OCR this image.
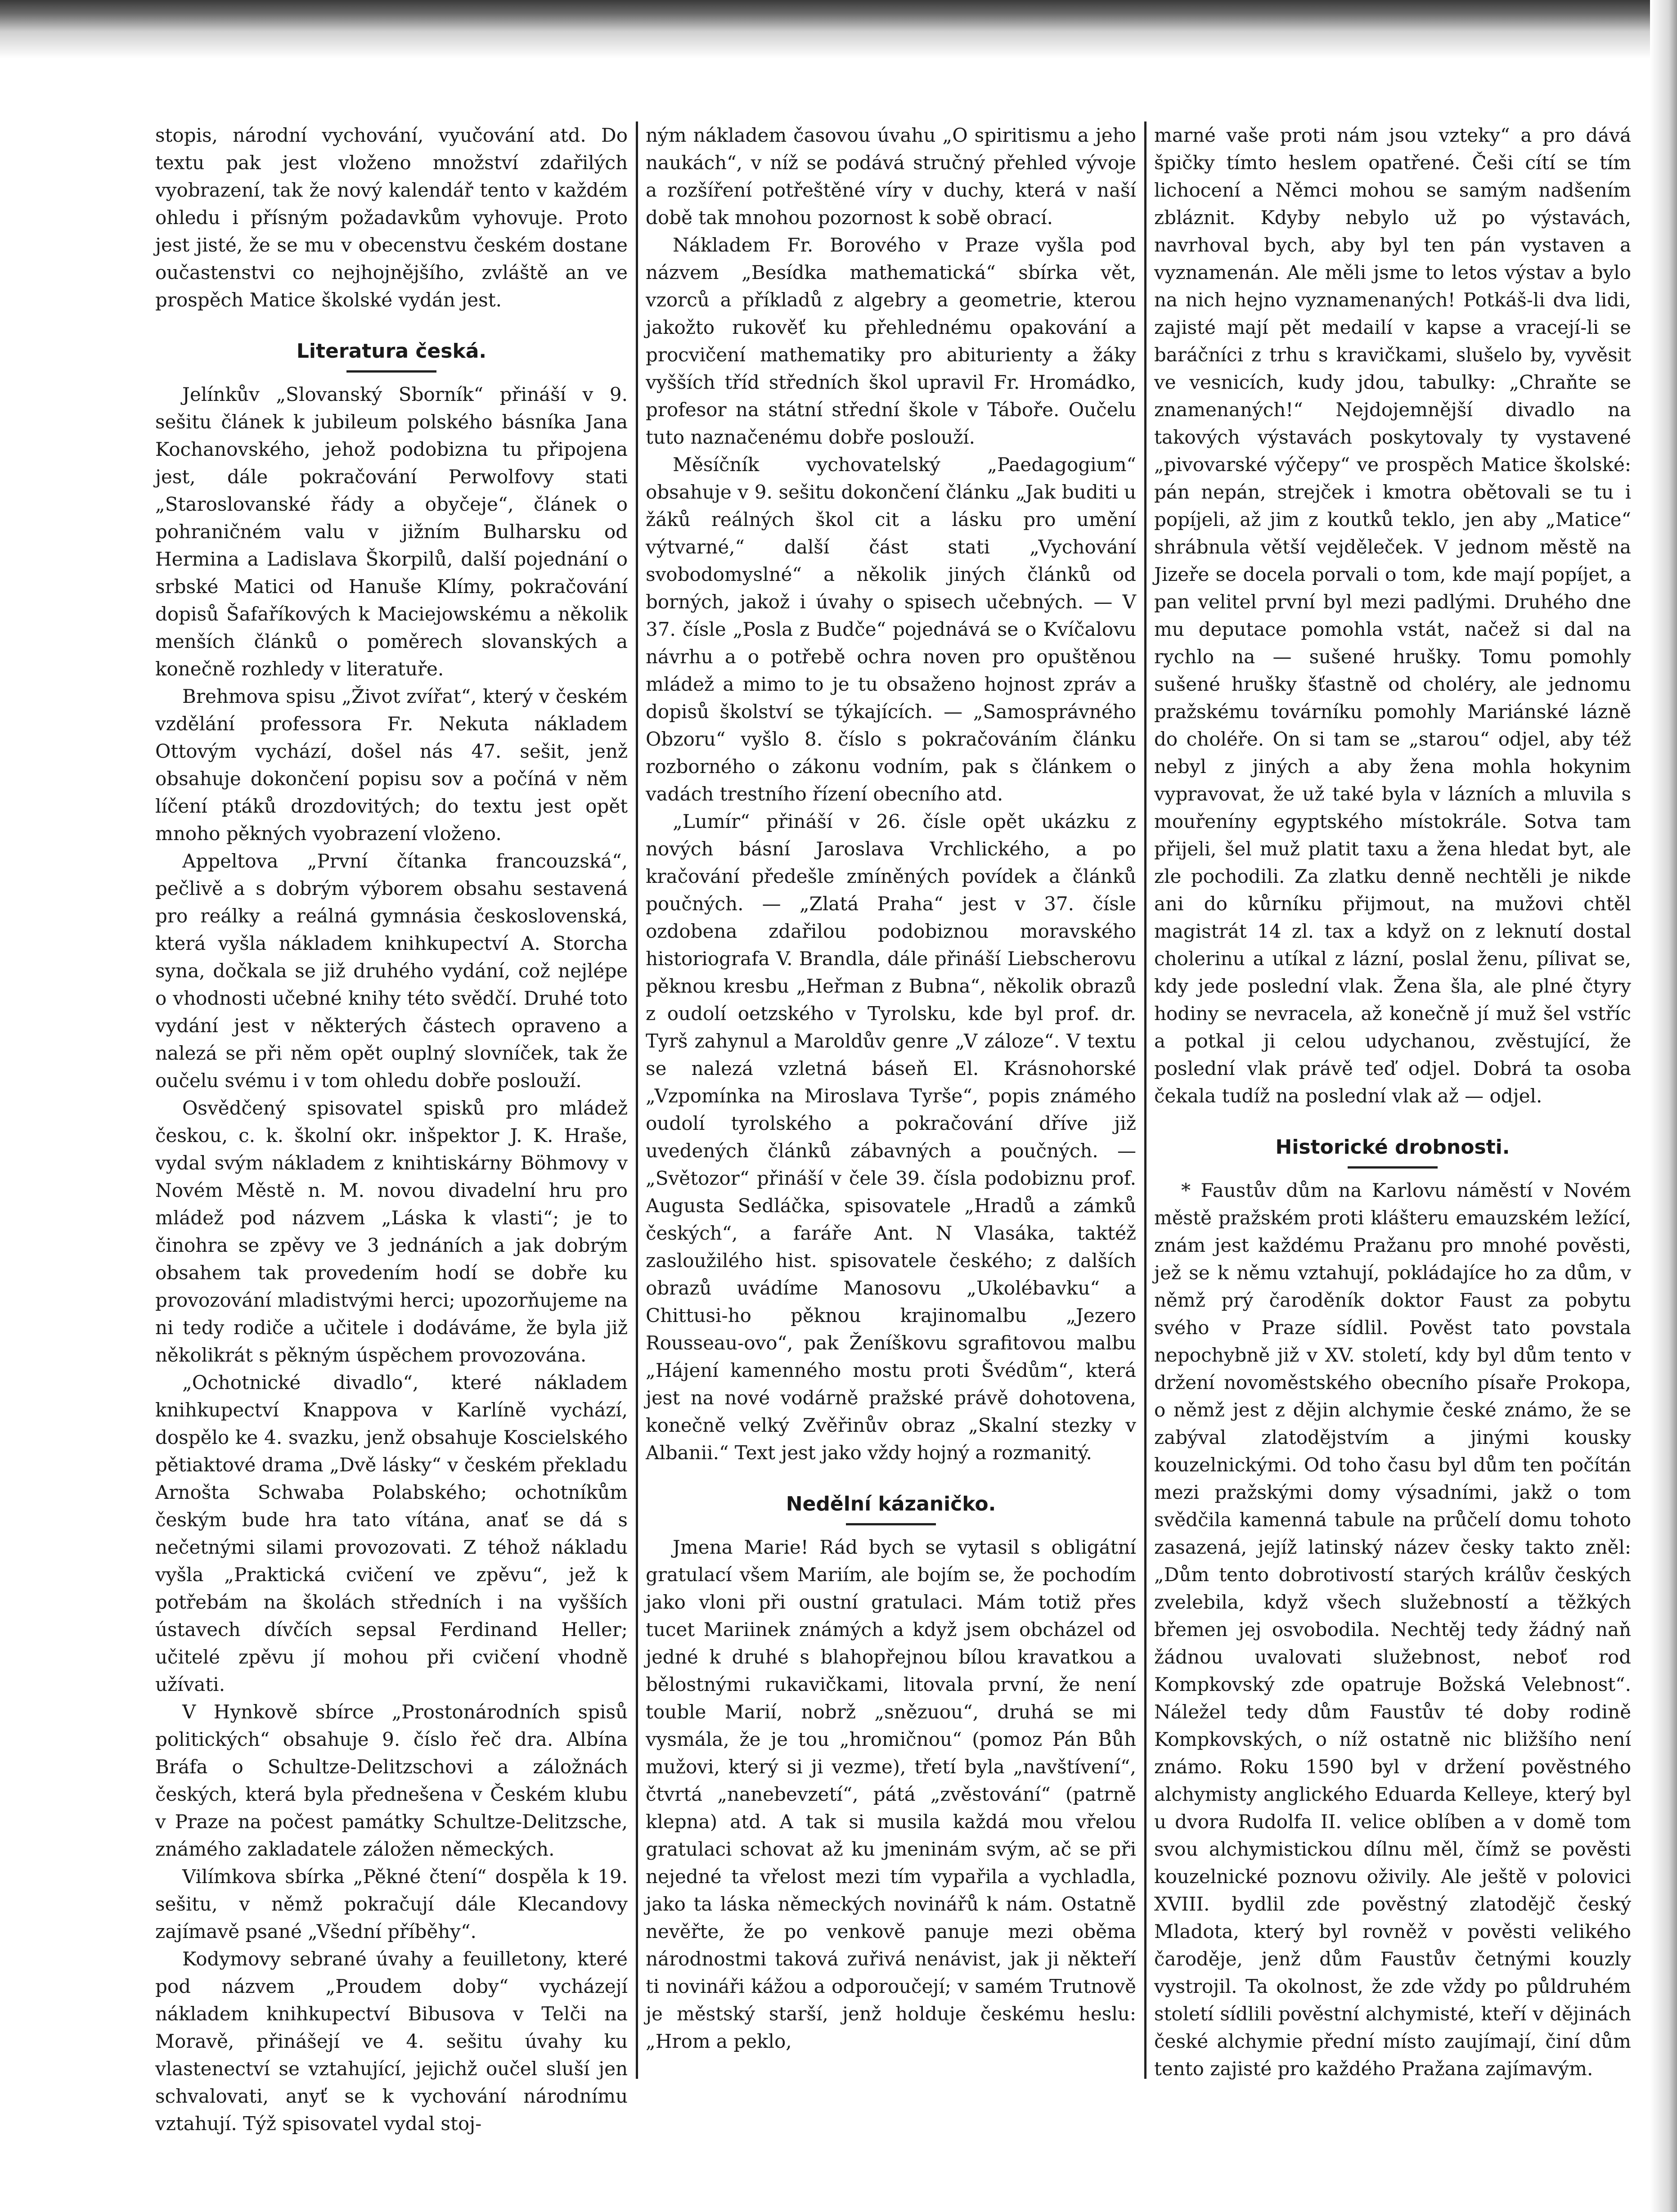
stopis, národní vychování, vyučování atd. Do textu pak jest vloženo množství zdařilých vyobrazení, tak že nový kalendář tento v každém ohledu i přísným požadavkům vyhovuje. Proto jest jisté, že se mu v obecenstvu českém dostane oučastenstvi co nejhojnějšího, zvláště an ve prospěch Matice školské vydán jest.

Literatura česká.

Jelínkův „Slovanský Sborník“ přináší v 9. sešitu článek k jubileum polského básníka Jana Kochanovského, jehož podobizna tu připojena jest, dále pokračování Perwolfovy stati „Staroslovanské řády a obyčeje“, článek o pohraničném valu v jižním Bulharsku od Hermina a Ladislava Škorpilů, další pojednání o srbské Matici od Hanuše Klímy, pokračování dopisů Šafaříkových k Maciejowskému a několik menších článků o poměrech slovanských a konečně rozhledy v literatuře.

Brehmova spisu „Život zvířat“, který v českém vzdělání professora Fr. Nekuta nákladem Ottovým vychází, došel nás 47. sešit, jenž obsahuje dokončení popisu sov a počíná v něm líčení ptáků drozdovitých; do textu jest opět mnoho pěkných vyobrazení vloženo.

Appeltova „První čítanka francouzská“, pečlivě a s dobrým výborem obsahu sestavená pro reálky a reálná gymnásia československá, která vyšla nákladem knihkupectví A. Storcha syna, dočkala se již druhého vydání, což nejlépe o vhodnosti učebné knihy této svědčí. Druhé toto vydání jest v některých částech opraveno a nalezá se při něm opět ouplný slovníček, tak že oučelu svému i v tom ohledu dobře poslouží.

Osvědčený spisovatel spisků pro mládež českou, c. k. školní okr. inšpektor J. K. Hraše, vydal svým nákladem z knihtiskárny Böhmovy v Novém Městě n. M. novou divadelní hru pro mládež pod názvem „Láska k vlasti“; je to činohra se zpěvy ve 3 jednáních a jak dobrým obsahem tak provedením hodí se dobře ku provozování mladistvými herci; upozorňujeme na ni tedy rodiče a učitele i dodáváme, že byla již několikrát s pěkným úspěchem provozována.

„Ochotnické divadlo“, které nákladem knihkupectví Knappova v Karlíně vychází, dospělo ke 4. svazku, jenž obsahuje Koscielského pětiaktové drama „Dvě lásky“ v českém překladu Arnošta Schwaba Polabského; ochotníkům českým bude hra tato vítána, anať se dá s nečetnými silami provozovati. Z téhož nákladu vyšla „Praktická cvičení ve zpěvu“, jež k potřebám na školách středních i na vyšších ústavech dívčích sepsal Ferdinand Heller; učitelé zpěvu jí mohou při cvičení vhodně užívati.

V Hynkově sbírce „Prostonárodních spisů politických“ obsahuje 9. číslo řeč dra. Albína Bráfa o Schultze-Delitzschovi a záložnách českých, která byla přednešena v Českém klubu v Praze na počest památky Schultze-Delitzsche, známého zakladatele záložen německých.

Vilímkova sbírka „Pěkné čtení“ dospěla k 19. sešitu, v němž pokračují dále Klecandovy zajímavě psané „Všední příběhy“.

Kodymovy sebrané úvahy a feuilletony, které pod názvem „Proudem doby“ vycházejí nákladem knihkupectví Bibusova v Telči na Moravě, přinášejí ve 4. sešitu úvahy ku vlastenectví se vztahující, jejichž oučel sluší jen schvalovati, anyť se k vychování národnímu vztahují. Týž spisovatel vydal stoj-

ným nákladem časovou úvahu „O spiritismu a jeho naukách“, v níž se podává stručný přehled vývoje a rozšíření potřeštěné víry v duchy, která v naší době tak mnohou pozornost k sobě obrací.

Nákladem Fr. Borového v Praze vyšla pod názvem „Besídka mathematická“ sbírka vět, vzorců a příkladů z algebry a geometrie, kterou jakožto rukověť ku přehlednému opakování a procvičení mathematiky pro abiturienty a žáky vyšších tříd středních škol upravil Fr. Hromádko, profesor na státní střední škole v Táboře. Oučelu tuto naznačenému dobře poslouží.

Měsíčník vychovatelský „Paedagogium“ obsahuje v 9. sešitu dokončení článku „Jak buditi u žáků reálných škol cit a lásku pro umění výtvarné,“ další část stati „Vychování svobodomyslné“ a několik jiných článků od borných, jakož i úvahy o spisech učebných. — V 37. čísle „Posla z Budče“ pojednává se o Kvíčalovu návrhu a o potřebě ochra noven pro opuštěnou mládež a mimo to je tu obsaženo hojnost zpráv a dopisů školství se týkajících. — „Samosprávného Obzoru“ vyšlo 8. číslo s pokračováním článku rozborného o zákonu vodním, pak s článkem o vadách trestního řízení obecního atd.

„Lumír“ přináší v 26. čísle opět ukázku z nových básní Jaroslava Vrchlického, a po kračování předešle zmíněných povídek a článků poučných. — „Zlatá Praha“ jest v 37. čísle ozdobena zdařilou podobiznou moravského historiografa V. Brandla, dále přináší Liebscherovu pěknou kresbu „Heřman z Bubna“, několik obrazů z oudolí oetzského v Tyrolsku, kde byl prof. dr. Tyrš zahynul a Maroldův genre „V záloze“. V textu se nalezá vzletná báseň El. Krásnohorské „Vzpomínka na Miroslava Tyrše“, popis známého oudolí tyrolského a pokračování dříve již uvedených článků zábavných a poučných. — „Světozor“ přináší v čele 39. čísla podobiznu prof. Augusta Sedláčka, spisovatele „Hradů a zámků českých“, a faráře Ant. N Vlasáka, taktéž zasloužilého hist. spisovatele českého; z dalších obrazů uvádíme Manosovu „Ukolébavku“ a Chittusi-ho pěknou krajinomalbu „Jezero Rousseau-ovo“, pak Ženíškovu sgrafitovou malbu „Hájení kamenného mostu proti Švédům“, která jest na nové vodárně pražské právě dohotovena, konečně velký Zvěřinův obraz „Skalní stezky v Albanii.“ Text jest jako vždy hojný a rozmanitý.

Nedělní kázaničko.

Jmena Marie! Rád bych se vytasil s obligátní gratulací všem Mariím, ale bojím se, že pochodím jako vloni při oustní gratulaci. Mám totiž přes tucet Mariinek známých a když jsem obcházel od jedné k druhé s blahopřejnou bílou kravatkou a bělostnými rukavičkami, litovala první, že není touble Marií, nobrž „snězuou“, druhá se mi vysmála, že je tou „hromičnou“ (pomoz Pán Bůh mužovi, který si ji vezme), třetí byla „navštívení“, čtvrtá „nanebevzetí“, pátá „zvěstování“ (patrně klepna) atd. A tak si musila každá mou vřelou gratulaci schovat až ku jmeninám svým, ač se při nejedné ta vřelost mezi tím vypařila a vychladla, jako ta láska německých novinářů k nám. Ostatně nevěřte, že po venkově panuje mezi oběma národnostmi taková zuřivá nenávist, jak ji někteří ti novináři kážou a odporoučejí; v samém Trutnově je městský starší, jenž holduje českému heslu: „Hrom a peklo,

marné vaše proti nám jsou vzteky“ a pro dává špičky tímto heslem opatřené. Češi cítí se tím lichocení a Němci mohou se samým nadšením zbláznit. Kdyby nebylo už po výstavách, navrhoval bych, aby byl ten pán vystaven a vyznamenán. Ale měli jsme to letos výstav a bylo na nich hejno vyznamenaných! Potkáš-li dva lidi, zajisté mají pět medailí v kapse a vracejí-li se baráčníci z trhu s kravičkami, slušelo by, vyvěsit ve vesnicích, kudy jdou, tabulky: „Chraňte se znamenaných!“ Nejdojemnější divadlo na takových výstavách poskytovaly ty vystavené „pivovarské výčepy“ ve prospěch Matice školské: pán nepán, strejček i kmotra obětovali se tu i popíjeli, až jim z koutků teklo, jen aby „Matice“ shrábnula větší vejděleček. V jednom městě na Jizeře se docela porvali o tom, kde mají popíjet, a pan velitel první byl mezi padlými. Druhého dne mu deputace pomohla vstát, načež si dal na rychlo na — sušené hrušky. Tomu pomohly sušené hrušky šťastně od choléry, ale jednomu pražskému továrníku pomohly Mariánské lázně do choléře. On si tam se „starou“ odjel, aby též nebyl z jiných a aby žena mohla hokynim vypravovat, že už také byla v lázních a mluvila s mouřeníny egyptského místokrále. Sotva tam přijeli, šel muž platit taxu a žena hledat byt, ale zle pochodili. Za zlatku denně nechtěli je nikde ani do kůrníku přijmout, na mužovi chtěl magistrát 14 zl. tax a když on z leknutí dostal cholerinu a utíkal z lázní, poslal ženu, pílivat se, kdy jede poslední vlak. Žena šla, ale plné čtyry hodiny se nevracela, až konečně jí muž šel vstříc a potkal ji celou udychanou, zvěstující, že poslední vlak právě teď odjel. Dobrá ta osoba čekala tudíž na poslední vlak až — odjel.

Historické drobnosti.

* Faustův dům na Karlovu náměstí v Novém městě pražském proti klášteru emauzském ležící, znám jest každému Pražanu pro mnohé pověsti, jež se k němu vztahují, pokládajíce ho za dům, v němž prý čaroděník doktor Faust za pobytu svého v Praze sídlil. Pověst tato povstala nepochybně již v XV. století, kdy byl dům tento v držení novoměstského obecního písaře Prokopa, o němž jest z dějin alchymie české známo, že se zabýval zlatodějstvím a jinými kousky kouzelnickými. Od toho času byl dům ten počítán mezi pražskými domy výsadními, jakž o tom svědčila kamenná tabule na průčelí domu tohoto zasazená, jejíž latinský název česky takto zněl: „Dům tento dobrotivostí starých králův českých zvelebila, když všech služebností a těžkých břemen jej osvobodila. Nechtěj tedy žádný naň žádnou uvalovati služebnost, neboť rod Kompkovský zde opatruje Božská Velebnost“. Náležel tedy dům Faustův té doby rodině Kompkovských, o níž ostatně nic bližšího není známo. Roku 1590 byl v držení pověstného alchymisty anglického Eduarda Kelleye, který byl u dvora Rudolfa II. velice oblíben a v domě tom svou alchymistickou dílnu měl, čímž se pověsti kouzelnické poznovu oživily. Ale ještě v polovici XVIII. bydlil zde pověstný zlatodějč český Mladota, který byl rovněž v pověsti velikého čaroděje, jenž dům Faustův četnými kouzly vystrojil. Ta okolnost, že zde vždy po půldruhém století sídlili pověstní alchymisté, kteří v dějinách české alchymie přední místo zaujímají, činí dům tento zajisté pro každého Pražana zajímavým.
